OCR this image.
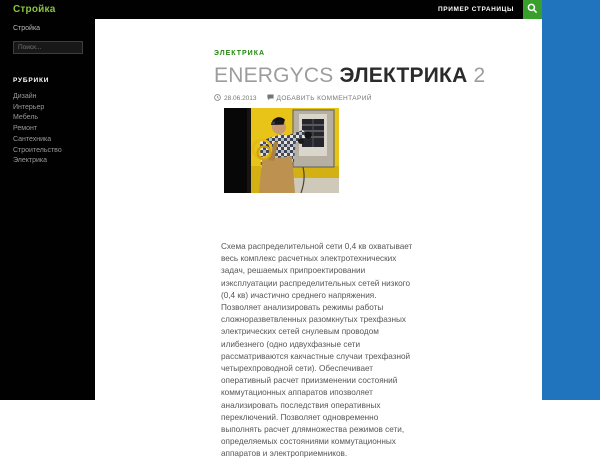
Стройка	ПРИМЕР СТРАНИЦЫ
Стройка
Поиск...
РУБРИКИ
Дизайн
Интерьер
Мебель
Ремонт
Сантехника
Строительство
Электрика
ЭЛЕКТРИКА
ENERGYCS ЭЛЕКТРИКА 2
28.06.2013	ДОБАВИТЬ КОММЕНТАРИЙ

Схема распределительной сети 0,4 кв охватывает весь комплекс расчетных электротехнических задач, решаемых припроектировании иэксплуатации распределительных сетей низкого (0,4 кв) ичастично среднего напряжения. Позволяет анализировать режимы работы сложноразветвленных разомкнутых трехфазных электрических сетей снулевым проводом илибезнего (одно идвухфазные сети рассматриваются какчастные случаи трехфазной четырехпроводной сети). Обеспечивает оперативный расчет приизменении состояний коммутационных аппаратов ипозволяет анализировать последствия оперативных переключений. Позволяет одновременно выполнять расчет длямножества режимов сети, определяемых состояниями коммутационных аппаратов и электроприемников.
